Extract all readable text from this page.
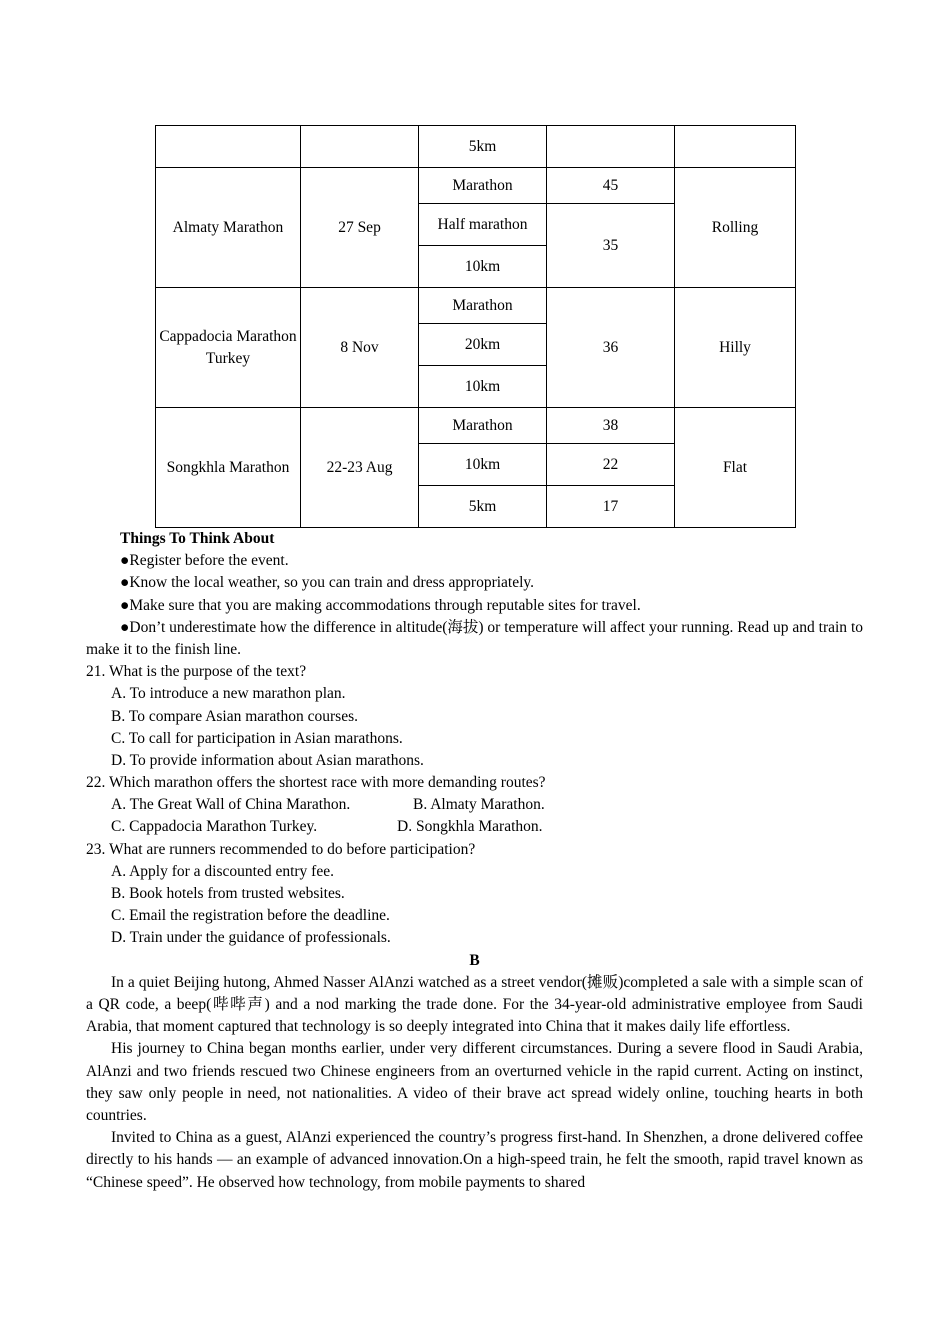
		5km		
Almaty Marathon	27 Sep	Marathon	45	Rolling
		Half marathon	35	
		10km		
Cappadocia Marathon Turkey	8 Nov	Marathon	36	Hilly
		20km		
		10km		
Songkhla Marathon	22-23 Aug	Marathon	38	Flat
		10km	22	
		5km	17	
Things To Think About
●Register before the event.
●Know the local weather, so you can train and dress appropriately.
●Make sure that you are making accommodations through reputable sites for travel.
●Don’t underestimate how the difference in altitude(海拔) or temperature will affect your running. Read up and train to make it to the finish line.
21. What is the purpose of the text?
A. To introduce a new marathon plan.
B. To compare Asian marathon courses.
C. To call for participation in Asian marathons.
D. To provide information about Asian marathons.
22. Which marathon offers the shortest race with more demanding routes?
A. The Great Wall of China Marathon.	B. Almaty Marathon.
C. Cappadocia Marathon Turkey.	D. Songkhla Marathon.
23. What are runners recommended to do before participation?
A. Apply for a discounted entry fee.
B. Book hotels from trusted websites.
C. Email the registration before the deadline.
D. Train under the guidance of professionals.
B
In a quiet Beijing hutong, Ahmed Nasser AlAnzi watched as a street vendor(摊贩)completed a sale with a simple scan of a QR code, a beep(哔哔声) and a nod marking the trade done. For the 34-year-old administrative employee from Saudi Arabia, that moment captured that technology is so deeply integrated into China that it makes daily life effortless.
His journey to China began months earlier, under very different circumstances. During a severe flood in Saudi Arabia, AlAnzi and two friends rescued two Chinese engineers from an overturned vehicle in the rapid current. Acting on instinct, they saw only people in need, not nationalities. A video of their brave act spread widely online, touching hearts in both countries.
Invited to China as a guest, AlAnzi experienced the country’s progress first-hand. In Shenzhen, a drone delivered coffee directly to his hands — an example of advanced innovation.On a high-speed train, he felt the smooth, rapid travel known as “Chinese speed”. He observed how technology, from mobile payments to shared
